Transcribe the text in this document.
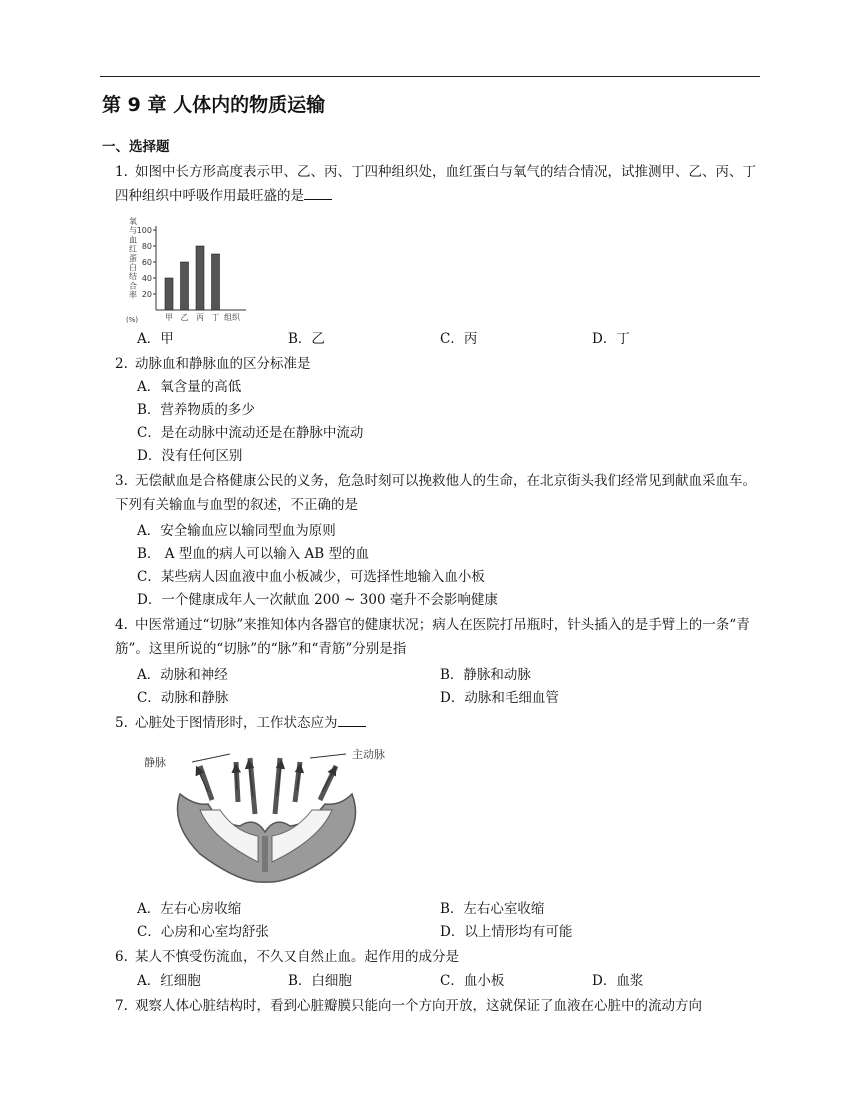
第 9 章 人体内的物质运输
一、选择题
1. 如图中长方形高度表示甲、乙、丙、丁四种组织处，血红蛋白与氧气的结合情况，试推测甲、乙、丙、丁四种组织中呼吸作用最旺盛的是
氧
与
血
红
蛋
白
结
合
率
(%)
20
40
60
80
100
甲 乙 丙 丁 组织
A．甲	B．乙	C．丙	D．丁
2. 动脉血和静脉血的区分标准是
A．氧含量的高低
B．营养物质的多少
C．是在动脉中流动还是在静脉中流动
D．没有任何区别
3. 无偿献血是合格健康公民的义务，危急时刻可以挽救他人的生命，在北京街头我们经常见到献血采血车。下列有关输血与血型的叙述，不正确的是
A．安全输血应以输同型血为原则
B． A 型血的病人可以输入 AB 型的血
C．某些病人因血液中血小板减少，可选择性地输入血小板
D．一个健康成年人一次献血 200 ~ 300 毫升不会影响健康
4. 中医常通过“切脉”来推知体内各器官的健康状况；病人在医院打吊瓶时，针头插入的是手臂上的一条“青筋”。这里所说的“切脉”的“脉”和“青筋”分别是指
A．动脉和神经	B．静脉和动脉
C．动脉和静脉	D．动脉和毛细血管
5. 心脏处于图情形时，工作状态应为
静脉
主动脉
A．左右心房收缩	B．左右心室收缩
C．心房和心室均舒张	D．以上情形均有可能
6. 某人不慎受伤流血，不久又自然止血。起作用的成分是
A．红细胞	B．白细胞	C．血小板	D．血浆
7. 观察人体心脏结构时，看到心脏瓣膜只能向一个方向开放，这就保证了血液在心脏中的流动方向
